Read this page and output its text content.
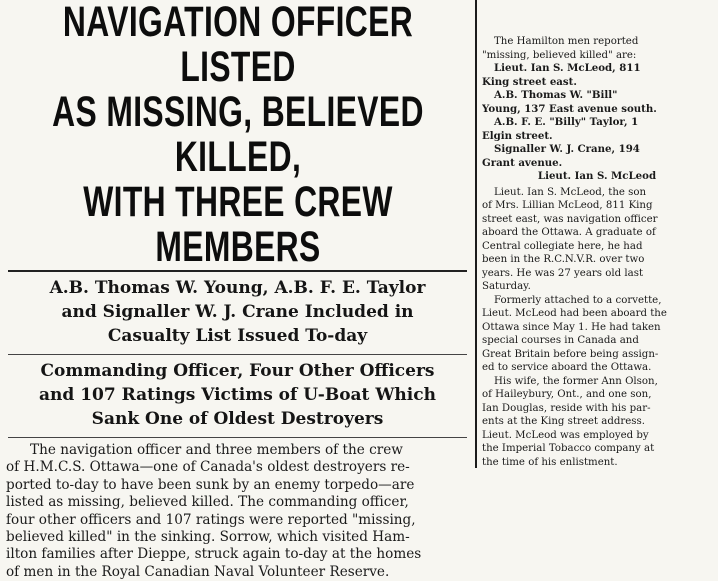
NAVIGATION OFFICER LISTED
AS MISSING, BELIEVED KILLED,
WITH THREE CREW MEMBERS
A.B. Thomas W. Young, A.B. F. E. Taylor
and Signaller W. J. Crane Included in
Casualty List Issued To-day
Commanding Officer, Four Other Officers
and 107 Ratings Victims of U-Boat Which
Sank One of Oldest Destroyers
The navigation officer and three members of the crew
of H.M.C.S. Ottawa—one of Canada's oldest destroyers re-
ported to-day to have been sunk by an enemy torpedo—are
listed as missing, believed killed. The commanding officer,
four other officers and 107 ratings were reported "missing,
believed killed" in the sinking. Sorrow, which visited Ham-
ilton families after Dieppe, struck again to-day at the homes
of men in the Royal Canadian Naval Volunteer Reserve.
The Hamilton men reported
"missing, believed killed" are:
Lieut. Ian S. McLeod, 811
King street east.
A.B. Thomas W. "Bill"
Young, 137 East avenue south.
A.B. F. E. "Billy" Taylor, 1
Elgin street.
Signaller W. J. Crane, 194
Grant avenue.
Lieut. Ian S. McLeod
Lieut. Ian S. McLeod, the son
of Mrs. Lillian McLeod, 811 King
street east, was navigation officer
aboard the Ottawa. A graduate of
Central collegiate here, he had
been in the R.C.N.V.R. over two
years. He was 27 years old last
Saturday.
Formerly attached to a corvette,
Lieut. McLeod had been aboard the
Ottawa since May 1. He had taken
special courses in Canada and
Great Britain before being assign-
ed to service aboard the Ottawa.
His wife, the former Ann Olson,
of Haileybury, Ont., and one son,
Ian Douglas, reside with his par-
ents at the King street address.
Lieut. McLeod was employed by
the Imperial Tobacco company at
the time of his enlistment.
